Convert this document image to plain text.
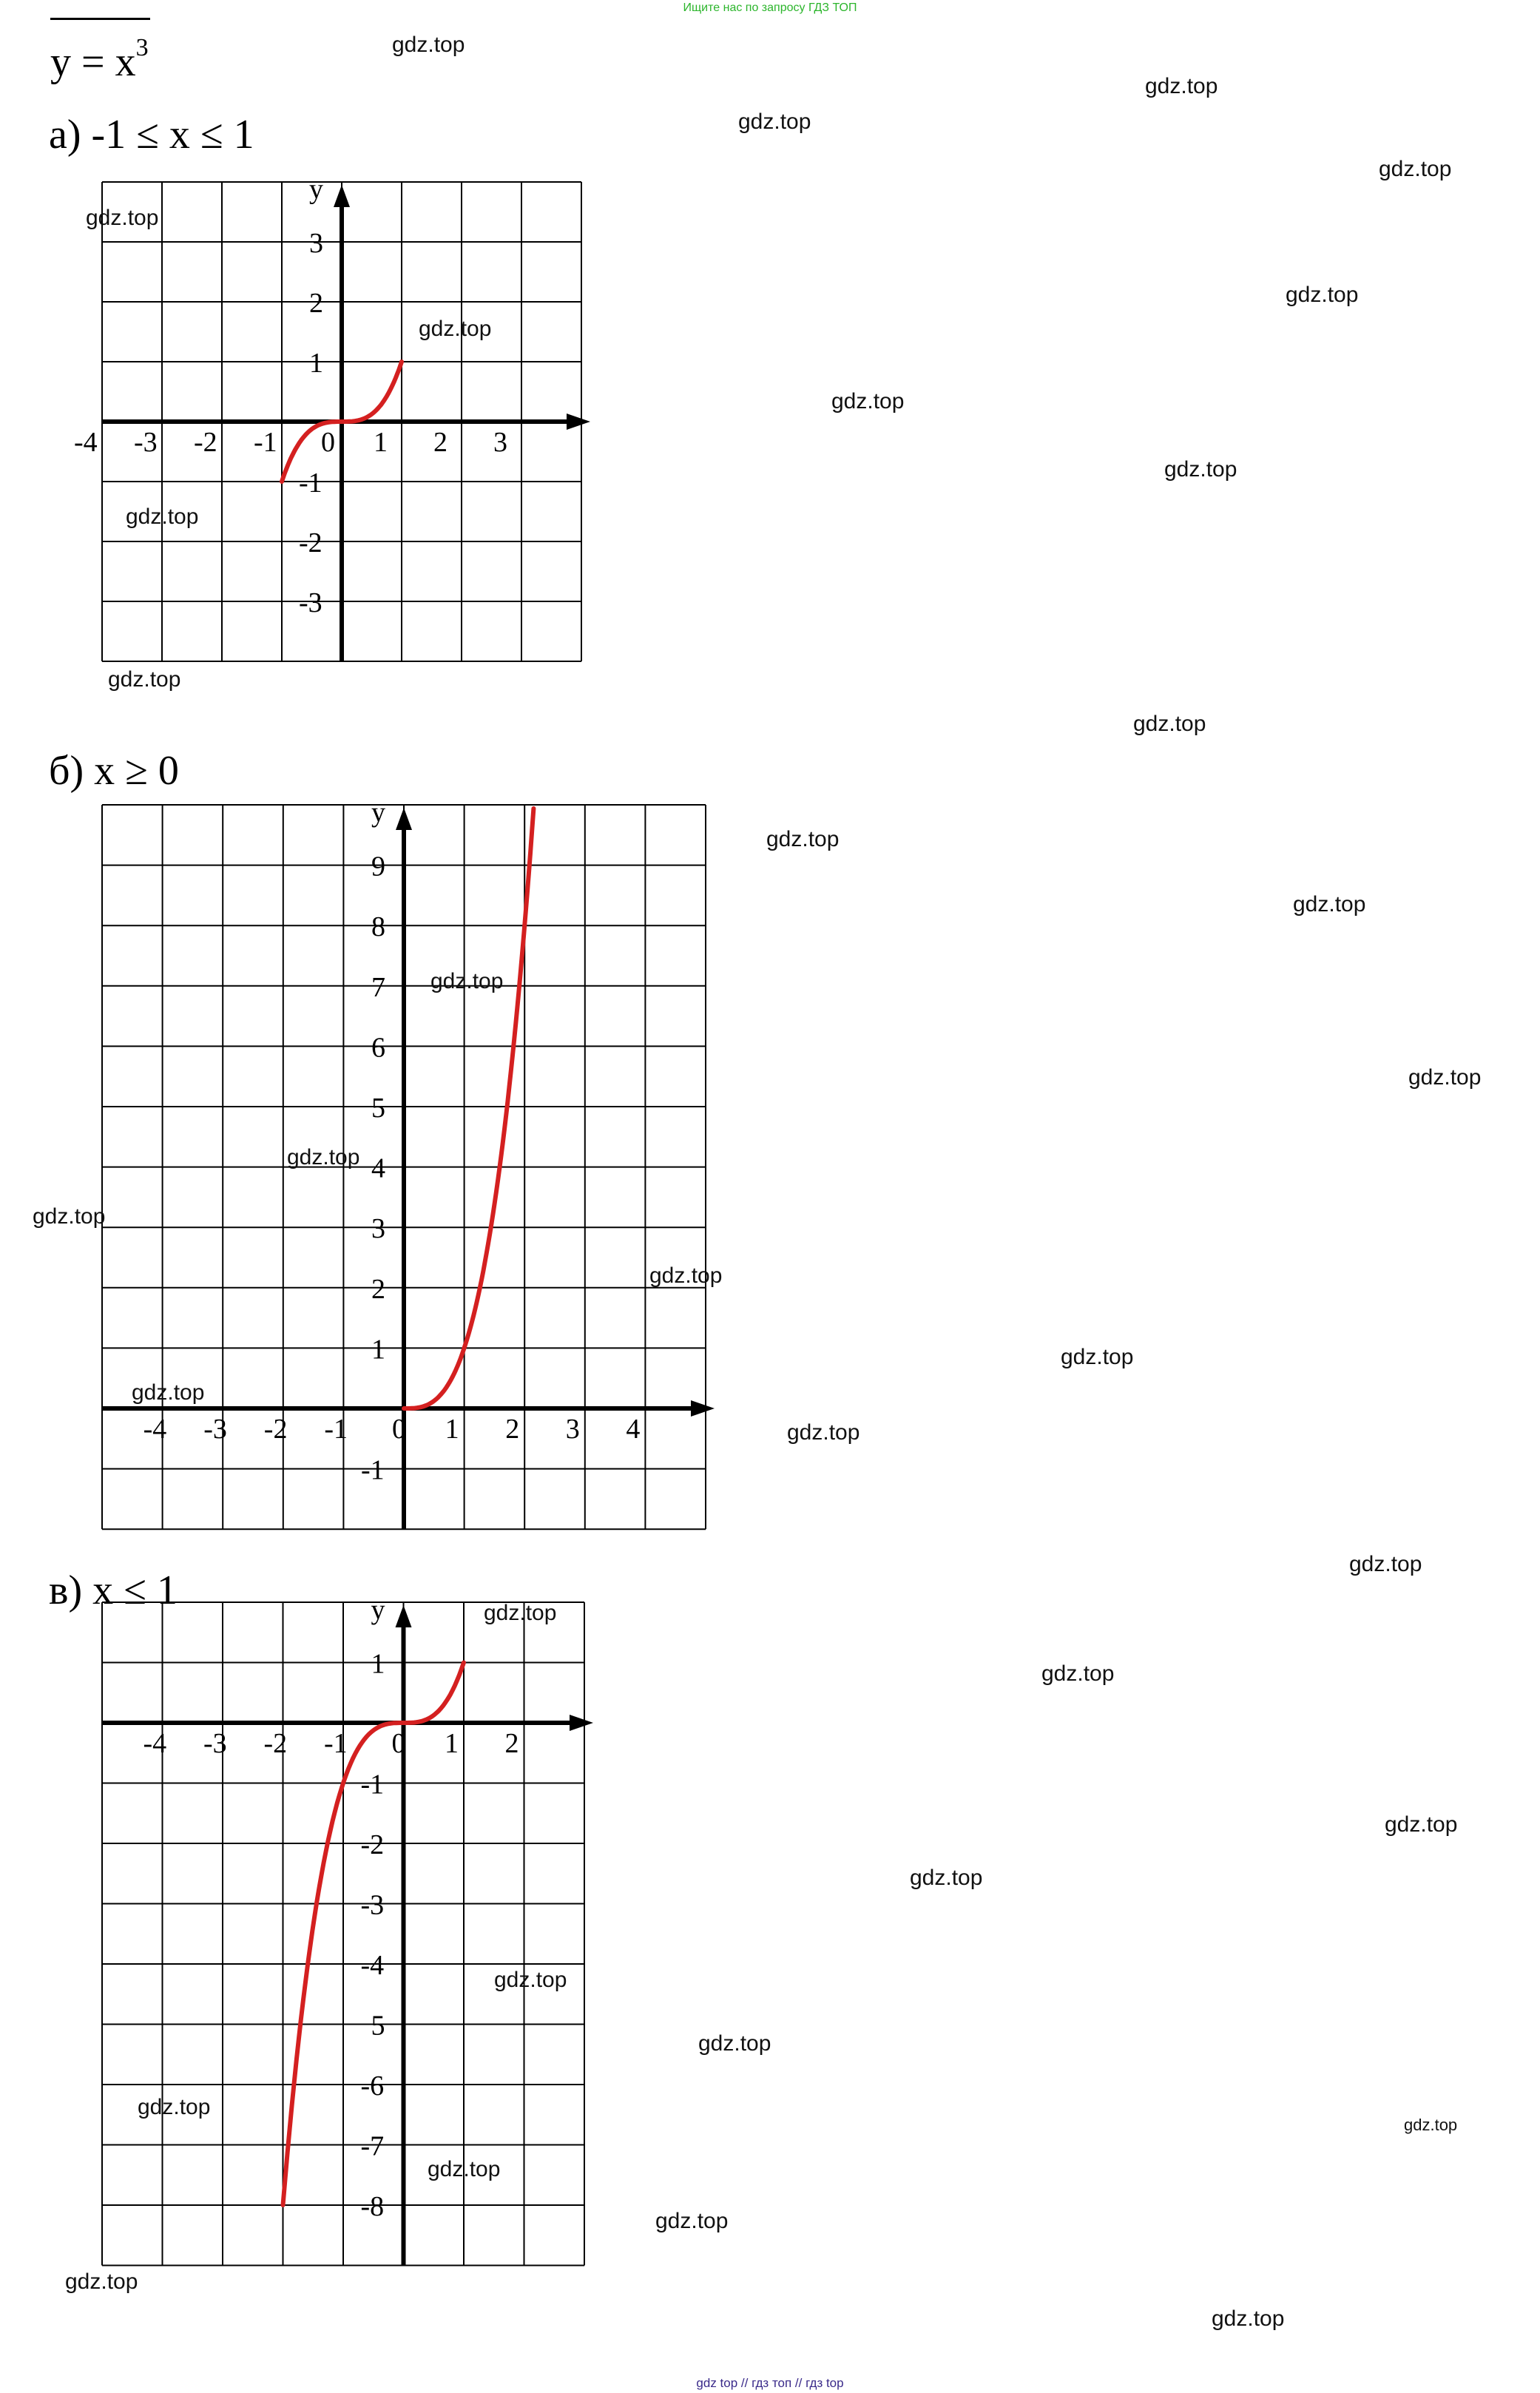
Ищите нас по запросу ГДЗ ТОП
$y = x^3$
а) -1 ≤ x ≤ 1
б) x ≥ 0
в) x ≤ 1
y
-4 -3 -2 -1 0 1 2 3
3
2
1
-1
-2
-3
y
-4 -3 -2 -1 0 1 2 3 4
9
8
7
6
5
4
3
2
1
-1
y
-4 -3 -2 -1 0 1 2
1
-1
-2
-3
-4
5
-6
-7
-8
gdz.top
gdz.top
gdz.top
gdz.top
gdz.top
gdz.top
gdz.top
gdz.top
gdz.top
gdz.top
gdz.top
gdz.top
gdz.top
gdz.top
gdz.top
gdz.top
gdz.top
gdz.top
gdz.top
gdz.top
gdz.top
gdz.top
gdz.top
gdz.top
gdz.top
gdz.top
gdz.top
gdz.top
gdz.top
gdz.top
gdz.top
gdz.top
gdz.top
gdz.top
gdz.top
gdz top // гдз топ // гдз top
